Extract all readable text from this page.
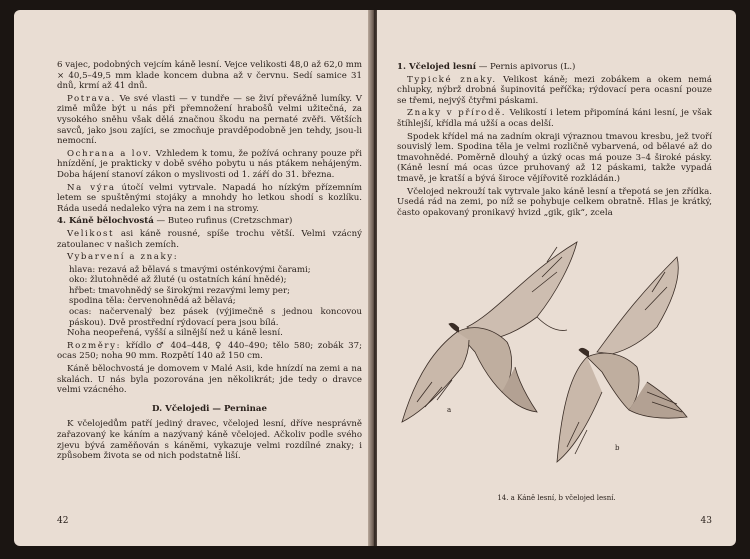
6 vajec, podobných vejcím káně lesní. Vejce velikosti 48,0 až 62,0 mm × 40,5–49,5 mm klade koncem dubna až v červnu. Sedí samice 31 dnů, krmí až 41 dnů.

Potrava. Ve své vlasti — v tundře — se živí převážně lumíky. V zimě může být u nás při přemnožení hrabošů velmi užitečná, za vysokého sněhu však dělá značnou škodu na pernaté zvěři. Větších savců, jako jsou zajíci, se zmocňuje pravděpodobně jen tehdy, jsou-li nemocní.

Ochrana a lov. Vzhledem k tomu, že požívá ochrany pouze při hnízdění, je prakticky v době svého pobytu u nás ptákem nehájeným. Doba hájení stanoví zákon o myslivosti od 1. září do 31. března.

Na výra útočí velmi vytrvale. Napadá ho nízkým přízemním letem se spuštěnými stojáky a mnohdy ho letkou shodí s kozlíku. Ráda usedá nedaleko výra na zem i na stromy.

4. Káně bělochvostá — Buteo rufinus (Cretzschmar)

Velikost asi káně rousné, spíše trochu větší. Velmi vzácný zatoulanec v našich zemích.

Vybarvení a znaky:

hlava: rezavá až bělavá s tmavými osténkovými čarami;
oko: žlutohnědé až žluté (u ostatních kání hnědé);
hřbet: tmavohnědý se širokými rezavými lemy per;
spodina těla: červenohnědá až bělavá;
ocas: načervenalý bez pásek (výjimečně s jednou koncovou páskou). Dvě prostřední rýdovací pera jsou bílá.

Noha neopeřená, vyšší a silnější než u káně lesní.

Rozměry: křídlo ♂ 404–448, ♀ 440–490; tělo 580; zobák 37; ocas 250; noha 90 mm. Rozpětí 140 až 150 cm.

Káně bělochvostá je domovem v Malé Asii, kde hnízdí na zemi a na skalách. U nás byla pozorována jen několikrát; jde tedy o dravce velmi vzácného.

D. Včelojedi — Perninae

K včelojedům patří jediný dravec, včelojed lesní, dříve nesprávně zařazovaný ke káním a nazývaný káně včelojed. Ačkoliv podle svého zjevu bývá zaměňován s káněmi, vykazuje velmi rozdílné znaky; i způsobem života se od nich podstatně liší.

42

1. Včelojed lesní — Pernis apivorus (L.)

Typické znaky. Velikost káně; mezi zobákem a okem nemá chlupky, nýbrž drobná šupinovitá peříčka; rýdovací pera ocasní pouze se třemi, nejvýš čtyřmi páskami.

Znaky v přírodě. Velikostí i letem připomíná káni lesní, je však štíhlejší, křídla má užší a ocas delší.

Spodek křídel má na zadním okraji výraznou tmavou kresbu, jež tvoří souvislý lem. Spodina těla je velmi rozličně vybarvená, od bělavé až do tmavohnědé. Poměrně dlouhý a úzký ocas má pouze 3–4 široké pásky. (Káně lesní má ocas úzce pruhovaný až 12 páskami, takže vypadá tmavě, je kratší a bývá široce vějířovitě rozkládán.)

Včelojed nekrouží tak vytrvale jako káně lesní a třepotá se jen zřídka. Usedá rád na zemi, po níž se pohybuje celkem obratně. Hlas je krátký, často opakovaný pronikavý hvizd „gik, gik“, zcela

a
b
14. a Káně lesní, b včelojed lesní.
43
